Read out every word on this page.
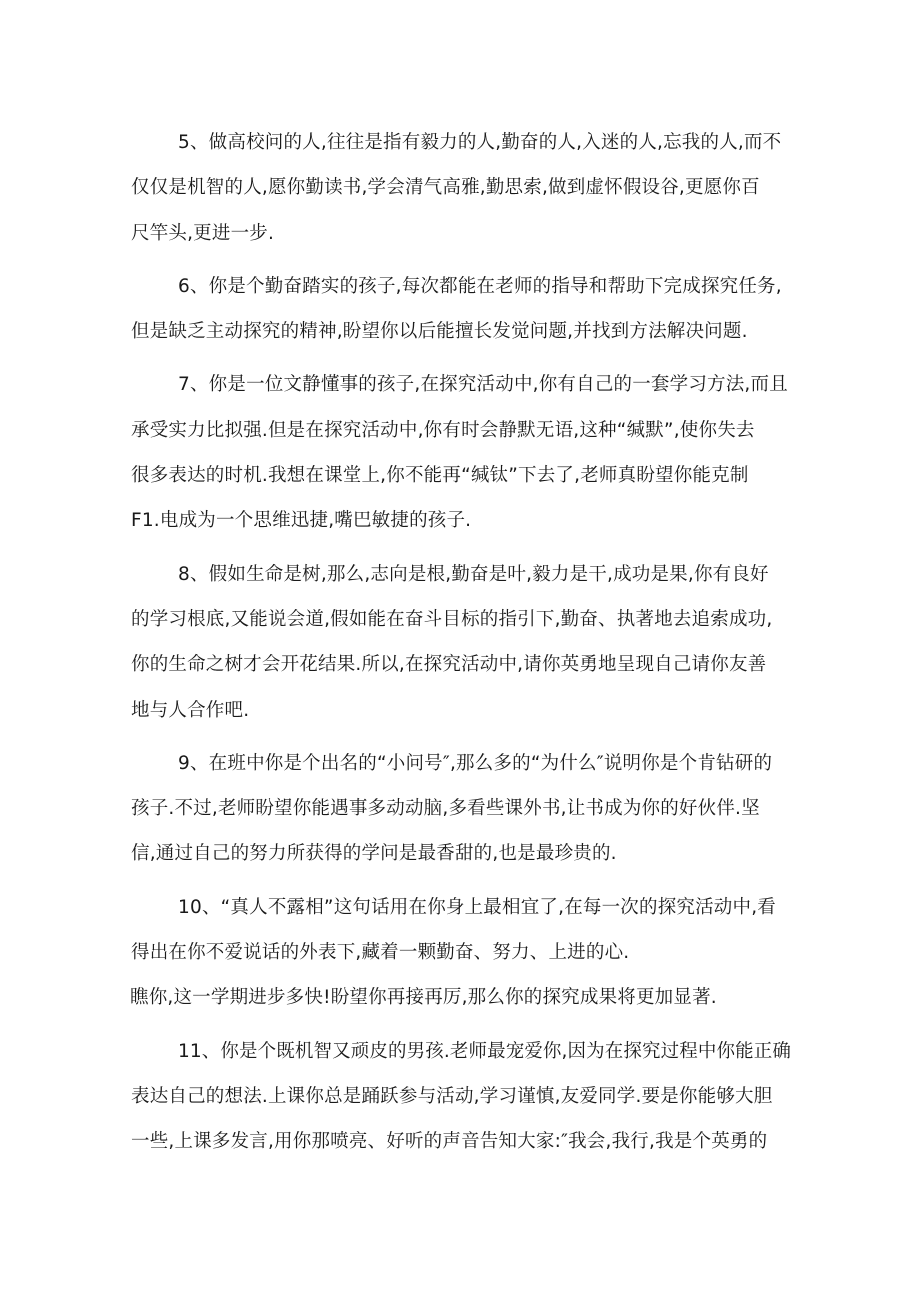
5、做高校问的人,往往是指有毅力的人,勤奋的人,入迷的人,忘我的人,而不
仅仅是机智的人,愿你勤读书,学会清气高雅,勤思索,做到虚怀假设谷,更愿你百
尺竿头,更进一步.
6、你是个勤奋踏实的孩子,每次都能在老师的指导和帮助下完成探究任务,
但是缺乏主动探究的精神,盼望你以后能擅长发觉问题,并找到方法解决问题.
7、你是一位文静懂事的孩子,在探究活动中,你有自己的一套学习方法,而且
承受实力比拟强.但是在探究活动中,你有时会静默无语,这种“缄默”,使你失去
很多表达的时机.我想在课堂上,你不能再“缄钛”下去了,老师真盼望你能克制
F1.电成为一个思维迅捷,嘴巴敏捷的孩子.
8、假如生命是树,那么,志向是根,勤奋是叶,毅力是干,成功是果,你有良好
的学习根底,又能说会道,假如能在奋斗目标的指引下,勤奋、执著地去追索成功,
你的生命之树才会开花结果.所以,在探究活动中,请你英勇地呈现自己请你友善
地与人合作吧.
9、在班中你是个出名的“小问号″,那么多的“为什么″说明你是个肯钻研的
孩子.不过,老师盼望你能遇事多动动脑,多看些课外书,让书成为你的好伙伴.坚
信,通过自己的努力所获得的学问是最香甜的,也是最珍贵的.
10、“真人不露相”这句话用在你身上最相宜了,在每一次的探究活动中,看
得出在你不爱说话的外表下,藏着一颗勤奋、努力、上进的心.
瞧你,这一学期进步多快!盼望你再接再厉,那么你的探究成果将更加显著.
11、你是个既机智又顽皮的男孩.老师最宠爱你,因为在探究过程中你能正确
表达自己的想法.上课你总是踊跃参与活动,学习谨慎,友爱同学.要是你能够大胆
一些,上课多发言,用你那喷亮、好听的声音告知大家:″我会,我行,我是个英勇的
